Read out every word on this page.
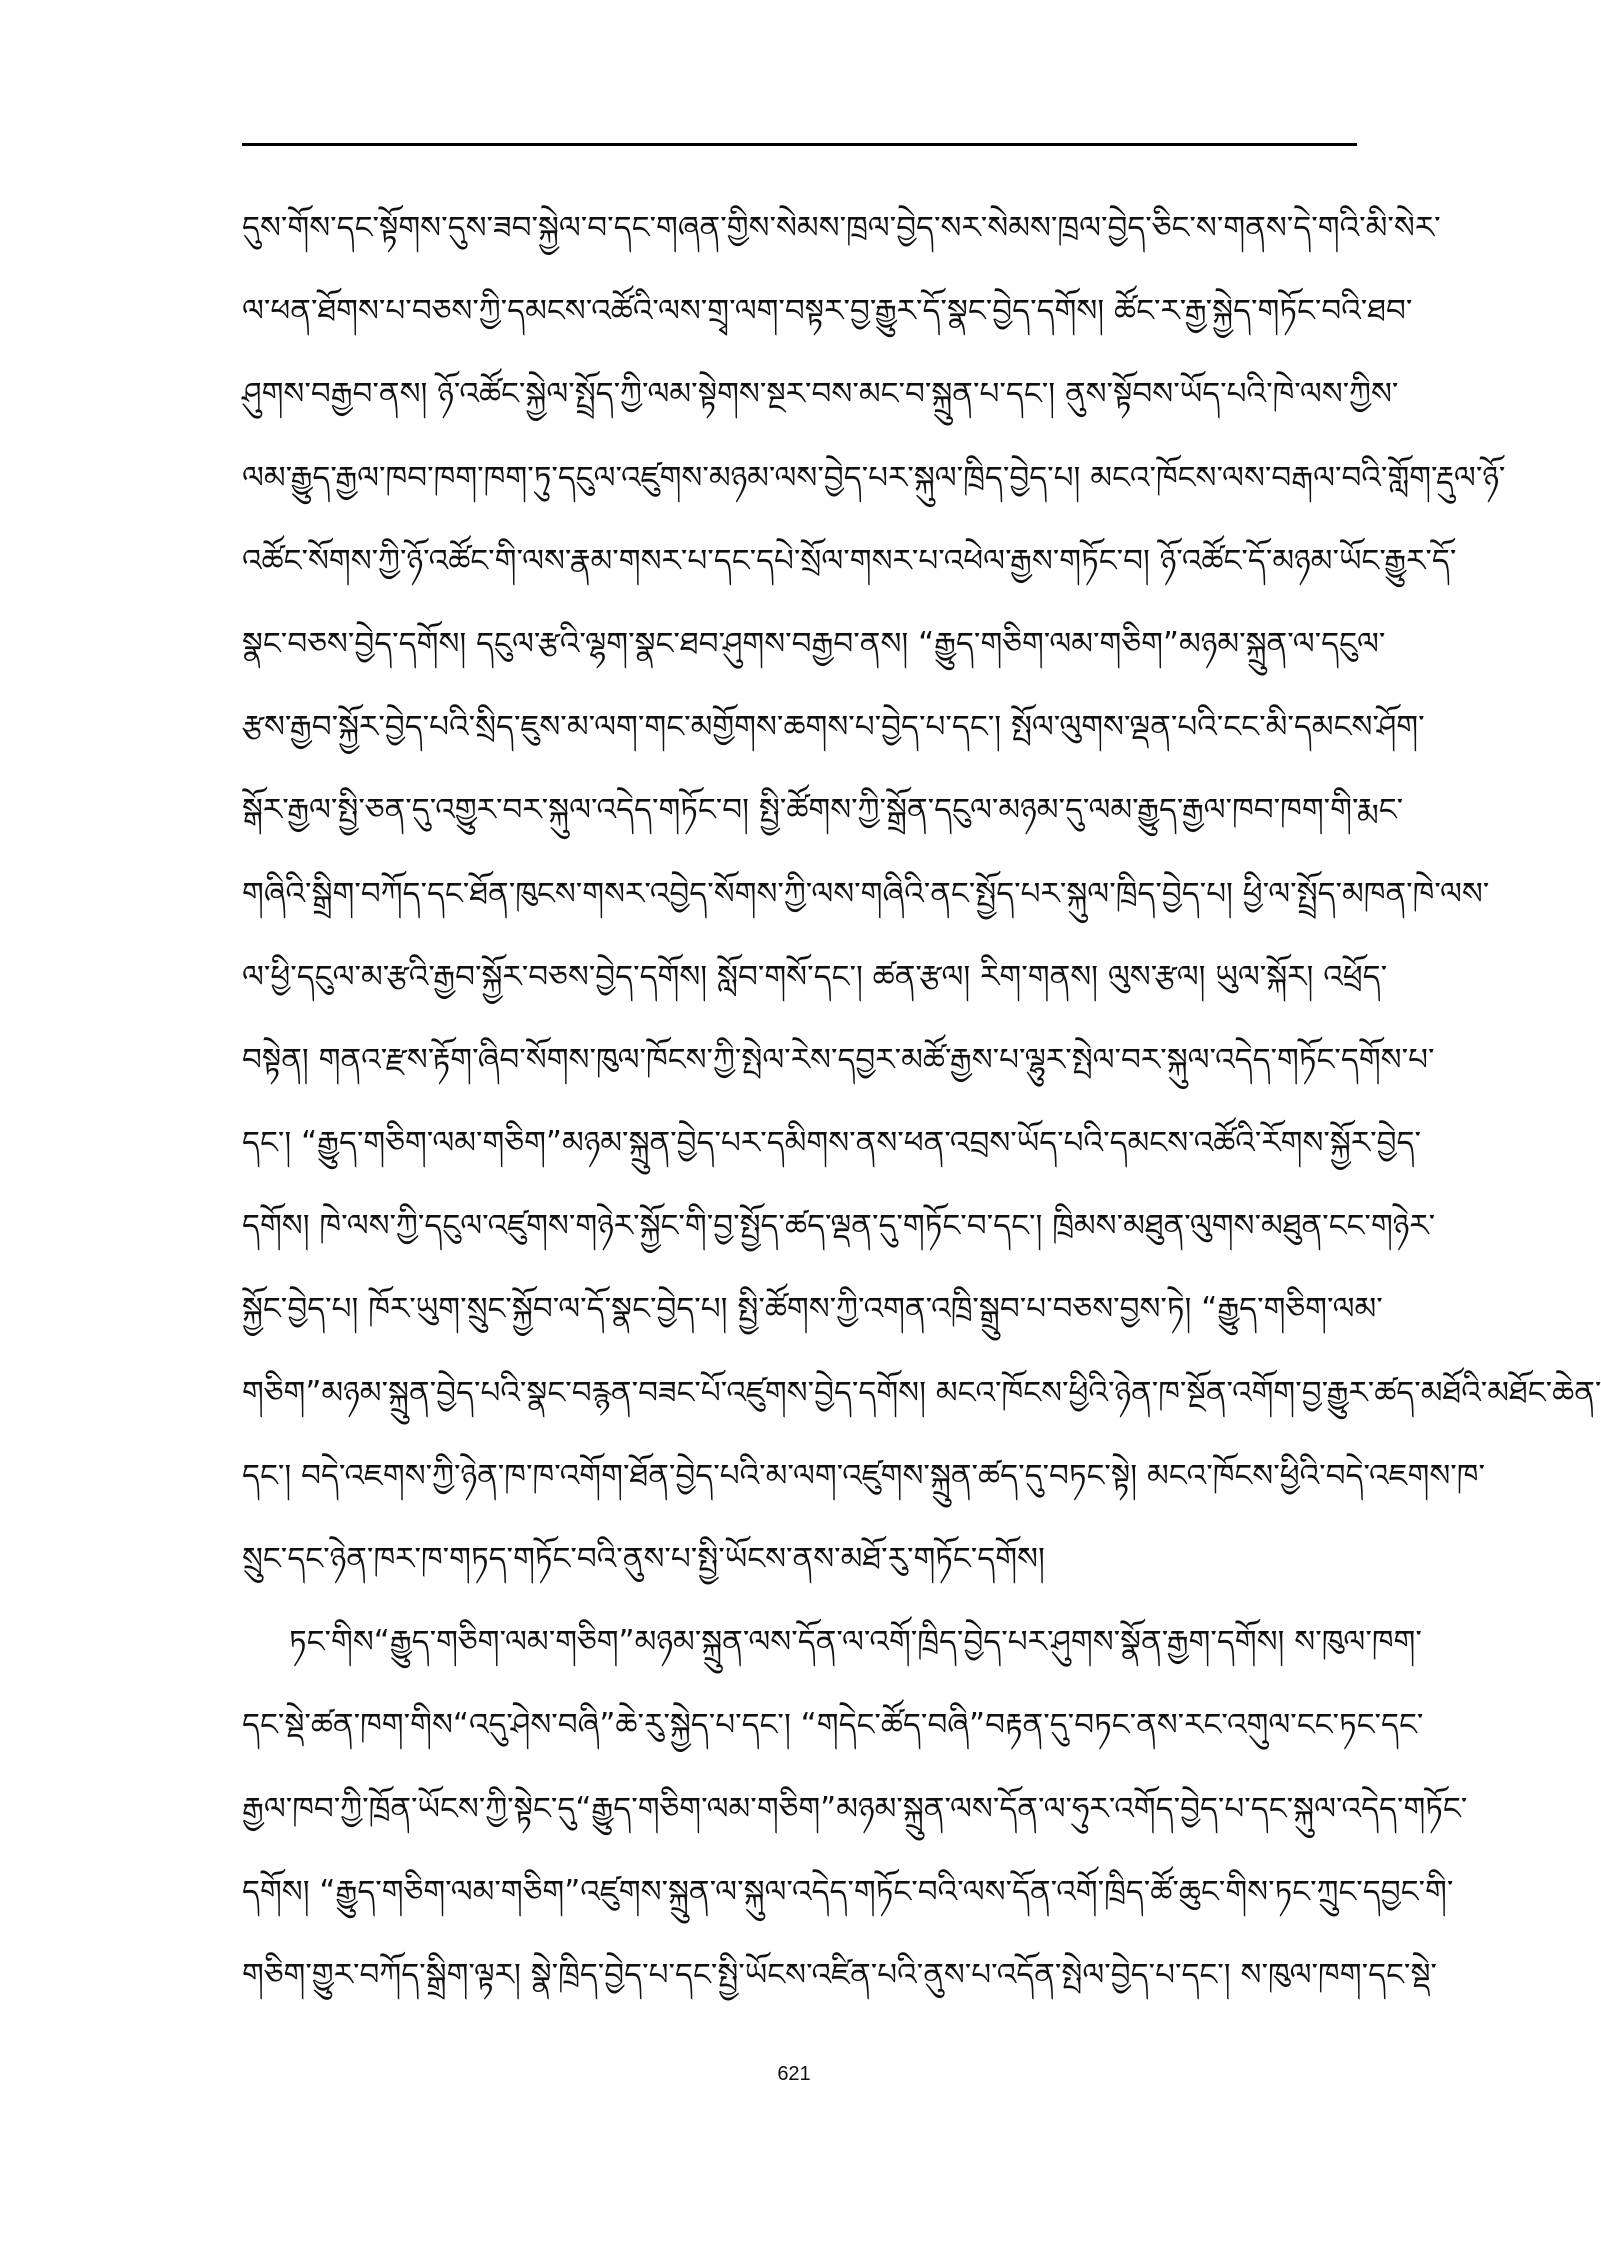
དུས་གོས་དང་སྟོགས་དུས་ཟབ་སྐྱེལ་བ་དང་གཞན་གྱིས་སེམས་ཁྲལ་བྱེད་སར་སེམས་ཁྲལ་བྱེད་ཅིང་ས་གནས་དེ་གའི་མི་སེར་
ལ་ཕན་ཐོགས་པ་བཅས་ཀྱི་དམངས་འཚོའི་ལས་གྲྭ་ལག་བསྟར་བྱ་རྒྱུར་དོ་སྣང་བྱེད་དགོས། ཚོང་ར་རྒྱ་སྐྱེད་གཏོང་བའི་ཐབ་
ཤུགས་བརྒྱབ་ནས། ཉོ་འཚོང་སྐྱེལ་སྤྲོད་ཀྱི་ལམ་སྟེགས་སྔར་བས་མང་བ་སྐྲུན་པ་དང་། ནུས་སྟོབས་ཡོད་པའི་ཁེ་ལས་ཀྱིས་
ལམ་རྒྱུད་རྒྱལ་ཁབ་ཁག་ཁག་ཏུ་དངུལ་འཛུགས་མཉམ་ལས་བྱེད་པར་སྐུལ་ཁྲིད་བྱེད་པ། མངའ་ཁོངས་ལས་བརྒལ་བའི་གློག་རྡུལ་ཉོ་
འཚོང་སོགས་ཀྱི་ཉོ་འཚོང་གི་ལས་རྣམ་གསར་པ་དང་དཔེ་སྲོལ་གསར་པ་འཕེལ་རྒྱས་གཏོང་བ། ཉོ་འཚོང་དོ་མཉམ་ཡོང་རྒྱུར་དོ་
སྣང་བཅས་བྱེད་དགོས། དངུལ་རྩའི་ལྷག་སྣང་ཐབ་ཤུགས་བརྒྱབ་ནས། “རྒྱུད་གཅིག་ལམ་གཅིག”མཉམ་སྐྲུན་ལ་དངུལ་
རྩས་རྒྱབ་སྐྱོར་བྱེད་པའི་སྲིད་ཇུས་མ་ལག་གང་མགྱོགས་ཆགས་པ་བྱེད་པ་དང་། སྤོལ་ལུགས་ལྡན་པའི་ངང་མི་དམངས་ཤོག་
སྒོར་རྒྱལ་སྤྱི་ཅན་དུ་འགྱུར་བར་སྐུལ་འདེད་གཏོང་བ། སྤྱི་ཚོགས་ཀྱི་སྒྲོན་དངུལ་མཉམ་དུ་ལམ་རྒྱུད་རྒྱལ་ཁབ་ཁག་གི་རྨང་
གཞིའི་སྒྲིག་བཀོད་དང་ཐོན་ཁུངས་གསར་འབྱེད་སོགས་ཀྱི་ལས་གཞིའི་ནང་སྤྱོད་པར་སྐུལ་ཁྲིད་བྱེད་པ། ཕྱི་ལ་སྤྲོད་མཁན་ཁེ་ལས་
ལ་ཕྱི་དངུལ་མ་རྩའི་རྒྱབ་སྐྱོར་བཅས་བྱེད་དགོས། སློབ་གསོ་དང་། ཚན་རྩལ། རིག་གནས། ལུས་རྩལ། ཡུལ་སྐོར། འཕྲོད་
བསྟེན། གནའ་རྫས་རྟོག་ཞིབ་སོགས་ཁུལ་ཁོངས་ཀྱི་སྤེལ་རེས་དབྱར་མཚོ་རྒྱས་པ་ལྷུར་སྤེལ་བར་སྐུལ་འདེད་གཏོང་དགོས་པ་
དང་། “རྒྱུད་གཅིག་ལམ་གཅིག”མཉམ་སྐྲུན་བྱེད་པར་དམིགས་ནས་ཕན་འབྲས་ཡོད་པའི་དམངས་འཚོའི་རོགས་སྐྱོར་བྱེད་
དགོས། ཁེ་ལས་ཀྱི་དངུལ་འཛུགས་གཉེར་སྐྱོང་གི་བྱ་སྤྱོད་ཚད་ལྡན་དུ་གཏོང་བ་དང་། ཁྲིམས་མཐུན་ལུགས་མཐུན་ངང་གཉེར་
སྐྱོང་བྱེད་པ། ཁོར་ཡུག་སྲུང་སྐྱོབ་ལ་དོ་སྣང་བྱེད་པ། སྤྱི་ཚོགས་ཀྱི་འགན་འཁྲི་སྒྲུབ་པ་བཅས་བྱས་ཏེ། “རྒྱུད་གཅིག་ལམ་
གཅིག”མཉམ་སྐྲུན་བྱེད་པའི་སྣང་བརྙན་བཟང་པོ་འཛུགས་བྱེད་དགོས། མངའ་ཁོངས་ཕྱིའི་ཉེན་ཁ་སྔོན་འགོག་བྱ་རྒྱུར་ཚད་མཐོའི་མཐོང་ཆེན་
དང་། བདེ་འཇགས་ཀྱི་ཉེན་ཁ་ཁ་འགོག་ཐོན་བྱེད་པའི་མ་ལག་འཛུགས་སྐྲུན་ཚད་དུ་བཏང་སྟེ། མངའ་ཁོངས་ཕྱིའི་བདེ་འཇགས་ཁ་
སྲུང་དང་ཉེན་ཁར་ཁ་གཏད་གཏོང་བའི་ནུས་པ་སྤྱི་ཡོངས་ནས་མཐོ་རུ་གཏོང་དགོས།
ཏང་གིས“རྒྱུད་གཅིག་ལམ་གཅིག”མཉམ་སྐྲུན་ལས་དོན་ལ་འགོ་ཁྲིད་བྱེད་པར་ཤུགས་སྣོན་རྒྱག་དགོས། ས་ཁུལ་ཁག་
དང་སྡེ་ཚན་ཁག་གིས“འདུ་ཤེས་བཞི”ཆེ་རུ་སྐྱེད་པ་དང་། “གདེང་ཚོད་བཞི”བརྟན་དུ་བཏང་ནས་རང་འགུལ་ངང་ཏང་དང་
རྒྱལ་ཁབ་ཀྱི་ཁྲོན་ཡོངས་ཀྱི་སྟེང་དུ“རྒྱུད་གཅིག་ལམ་གཅིག”མཉམ་སྐྲུན་ལས་དོན་ལ་ཧུར་འགོད་བྱེད་པ་དང་སྐུལ་འདེད་གཏོང་
དགོས། “རྒྱུད་གཅིག་ལམ་གཅིག”འཛུགས་སྐྲུན་ལ་སྐུལ་འདེད་གཏོང་བའི་ལས་དོན་འགོ་ཁྲིད་ཚོ་ཆུང་གིས་ཏང་ཀྲུང་དབྱང་གི་
གཅིག་གྱུར་བཀོད་སྒྲིག་ལྟར། སྣེ་ཁྲིད་བྱེད་པ་དང་སྤྱི་ཡོངས་འཛིན་པའི་ནུས་པ་འདོན་སྤེལ་བྱེད་པ་དང་། ས་ཁུལ་ཁག་དང་སྡེ་
621
